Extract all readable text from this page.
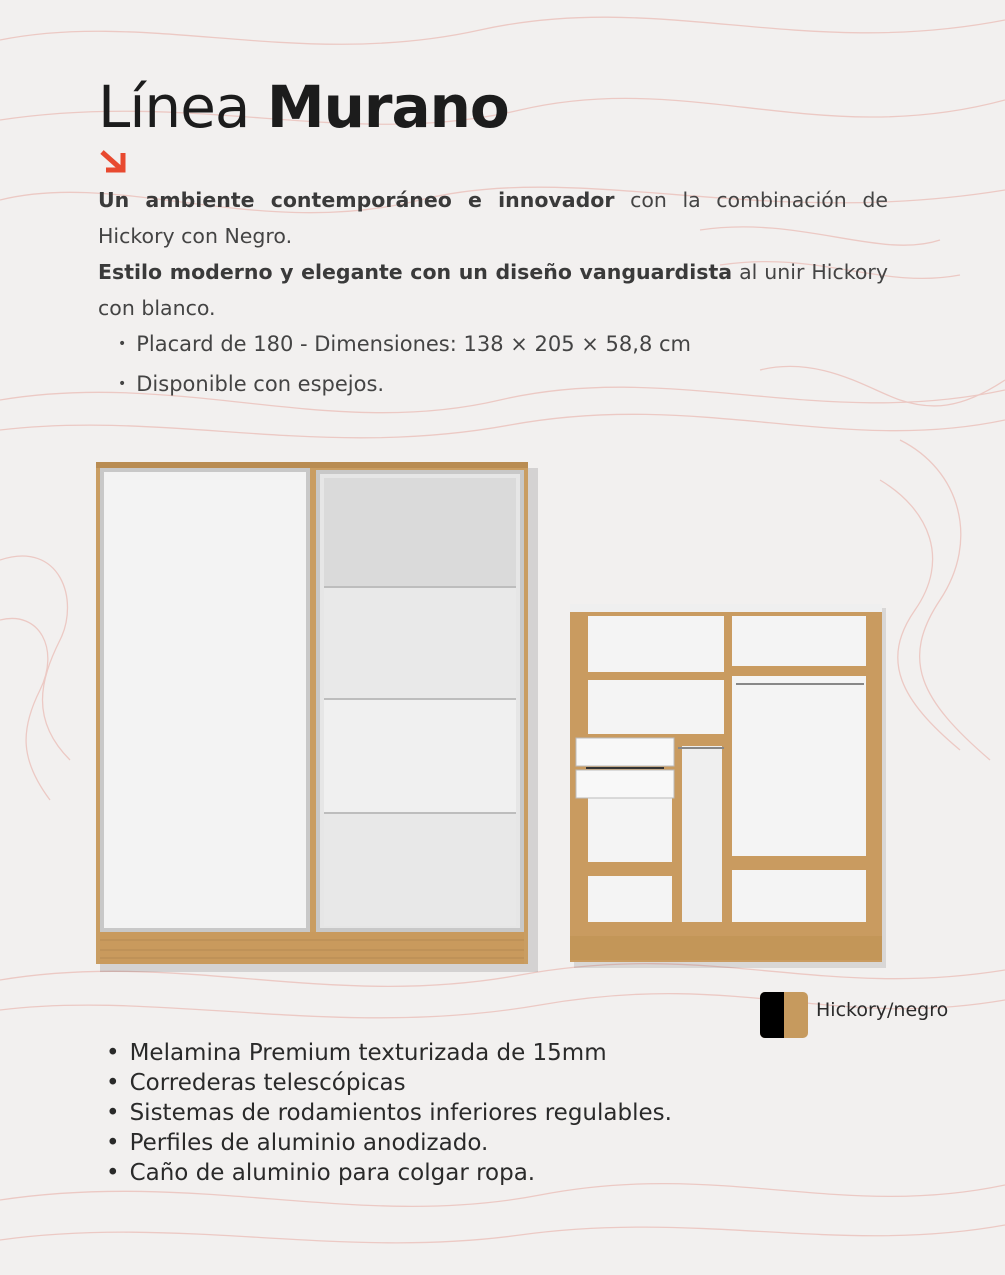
Línea Murano

Un ambiente contemporáneo e innovador con la combinación de Hickory con Negro.

Estilo moderno y elegante con un diseño vanguardista al unir Hickory con blanco.

• Placard de 180 - Dimensiones: 138 × 205 × 58,8 cm
• Disponible con espejos.
Hickory/negro
• Melamina Premium texturizada de 15mm
• Correderas telescópicas
• Sistemas de rodamientos inferiores regulables.
• Perfiles de aluminio anodizado.
• Caño de aluminio para colgar ropa.
